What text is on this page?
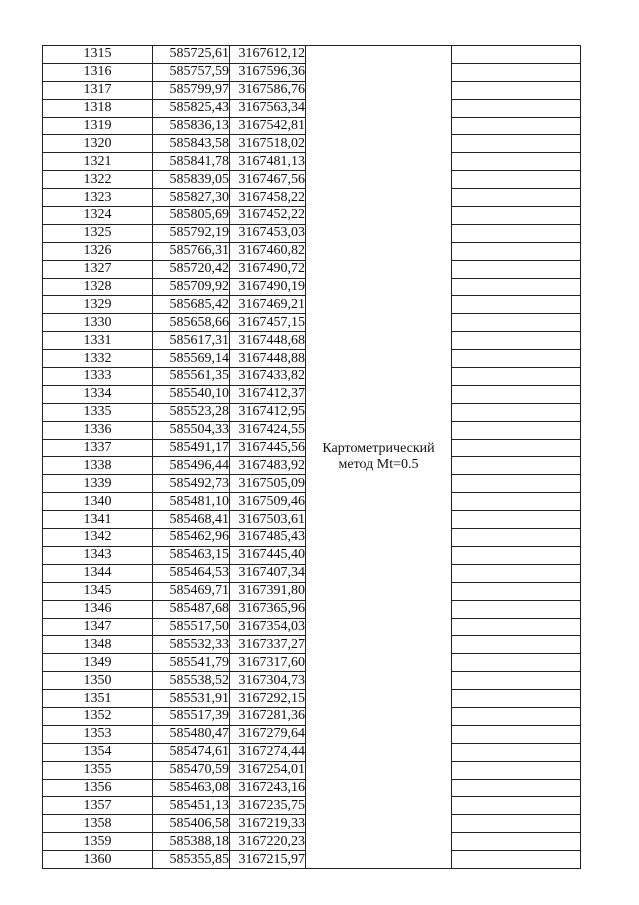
1315	585725,61	3167612,12	Картометрический
метод Mt=0.5	
1316	585757,59	3167596,36		
1317	585799,97	3167586,76		
1318	585825,43	3167563,34		
1319	585836,13	3167542,81		
1320	585843,58	3167518,02		
1321	585841,78	3167481,13		
1322	585839,05	3167467,56		
1323	585827,30	3167458,22		
1324	585805,69	3167452,22		
1325	585792,19	3167453,03		
1326	585766,31	3167460,82		
1327	585720,42	3167490,72		
1328	585709,92	3167490,19		
1329	585685,42	3167469,21		
1330	585658,66	3167457,15		
1331	585617,31	3167448,68		
1332	585569,14	3167448,88		
1333	585561,35	3167433,82		
1334	585540,10	3167412,37		
1335	585523,28	3167412,95		
1336	585504,33	3167424,55		
1337	585491,17	3167445,56		
1338	585496,44	3167483,92		
1339	585492,73	3167505,09		
1340	585481,10	3167509,46		
1341	585468,41	3167503,61		
1342	585462,96	3167485,43		
1343	585463,15	3167445,40		
1344	585464,53	3167407,34		
1345	585469,71	3167391,80		
1346	585487,68	3167365,96		
1347	585517,50	3167354,03		
1348	585532,33	3167337,27		
1349	585541,79	3167317,60		
1350	585538,52	3167304,73		
1351	585531,91	3167292,15		
1352	585517,39	3167281,36		
1353	585480,47	3167279,64		
1354	585474,61	3167274,44		
1355	585470,59	3167254,01		
1356	585463,08	3167243,16		
1357	585451,13	3167235,75		
1358	585406,58	3167219,33		
1359	585388,18	3167220,23		
1360	585355,85	3167215,97		
